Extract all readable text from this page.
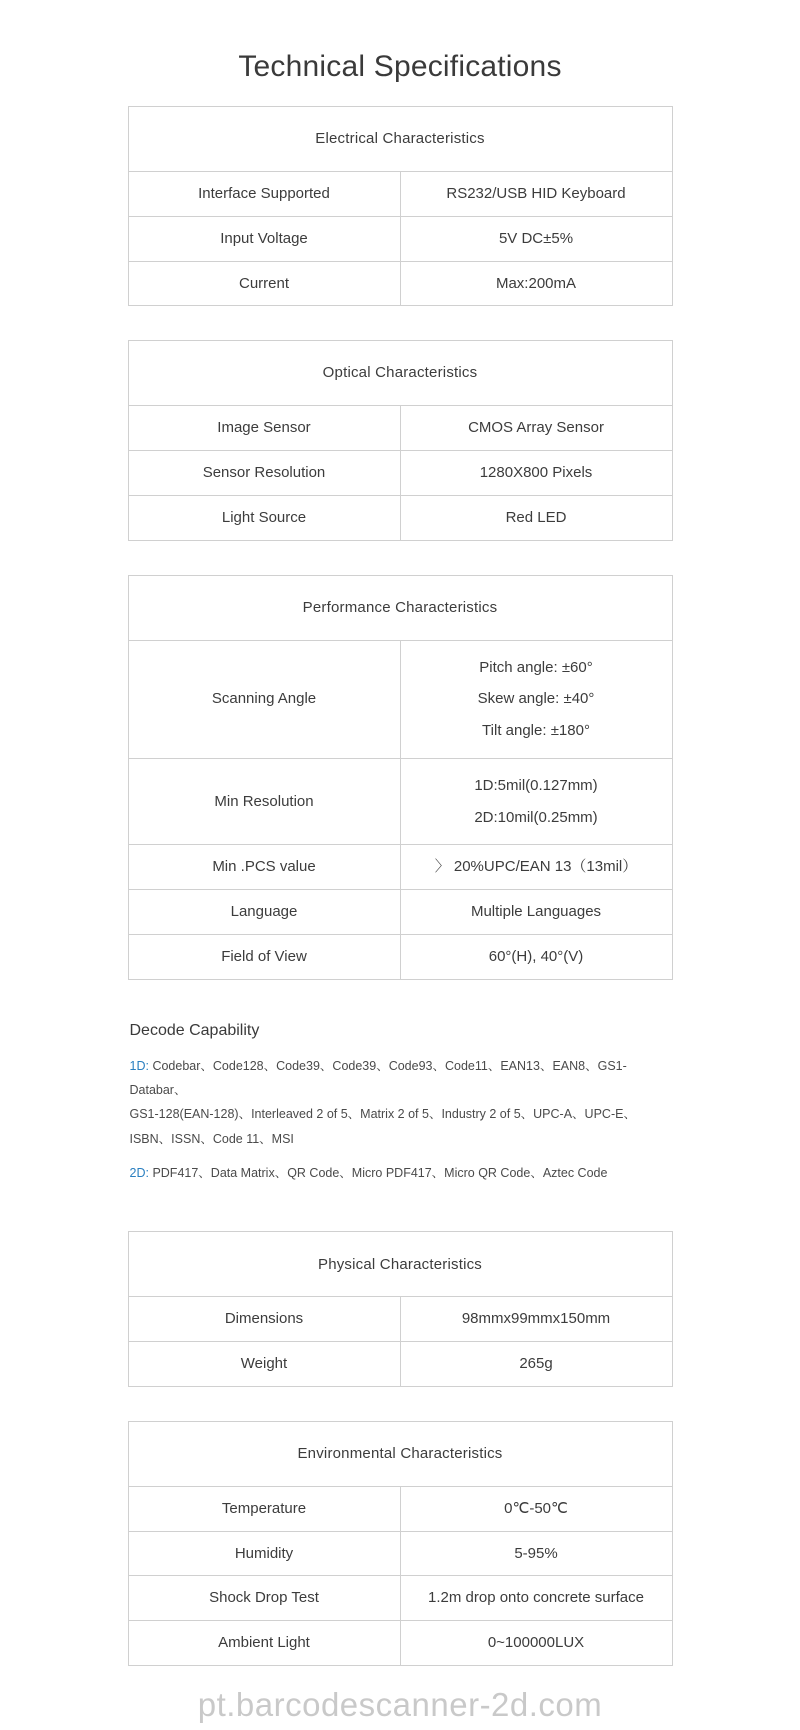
Technical Specifications
Electrical Characteristics	
Interface Supported	RS232/USB HID Keyboard
Input Voltage	5V DC±5%
Current	Max:200mA
Optical Characteristics	
Image Sensor	CMOS Array Sensor
Sensor Resolution	1280X800 Pixels
Light Source	Red LED
Performance Characteristics	
Scanning Angle	Pitch angle: ±60°
Skew angle: ±40°
Tilt angle: ±180°

Min Resolution	1D:5mil(0.127mm)
2D:10mil(0.25mm)

Min .PCS value	〉 20%UPC/EAN 13（13mil）
Language	Multiple Languages
Field of View	60°(H), 40°(V)
Decode Capability
1D: Codebar、Code128、Code39、Code39、Code93、Code11、EAN13、EAN8、GS1-Databar、
GS1-128(EAN-128)、Interleaved 2 of 5、Matrix 2 of 5、Industry 2 of 5、UPC-A、UPC-E、
ISBN、ISSN、Code 11、MSI
2D: PDF417、Data Matrix、QR Code、Micro PDF417、Micro QR Code、Aztec Code
Physical Characteristics	
Dimensions	98mmx99mmx150mm
Weight	265g
Environmental Characteristics	
Temperature	0℃-50℃
Humidity	5-95%
Shock Drop Test	1.2m drop onto concrete surface
Ambient Light	0~100000LUX
pt.barcodescanner-2d.com
